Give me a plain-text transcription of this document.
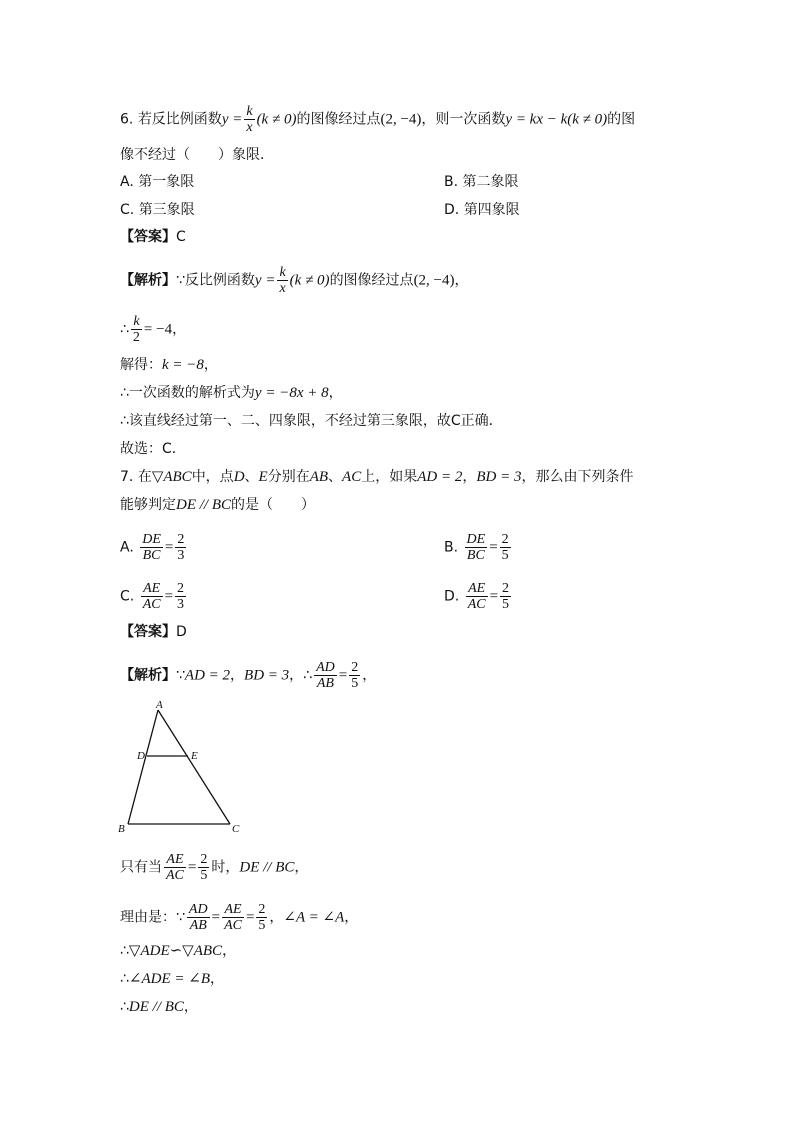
6. 若反比例函数$y = \frac{k}{x} (k \ne 0)$的图像经过点(2, −4)，则一次函数y = kx − k(k ≠ 0)的图
像不经过（　　）象限．
A. 第一象限	B. 第二象限
C. 第三象限	D. 第四象限
【答案】C
【解析】∵反比例函数$y = \frac{k}{x} (k \ne 0)$的图像经过点(2, −4)，
∴ $\frac{k}{2} = -4$，
解得：k = −8，
∴一次函数的解析式为y = −8x + 8，
∴该直线经过第一、二、四象限，不经过第三象限，故C正确．
故选：C．
7. 在▽ABC中，点D、E分别在AB、AC上，如果AD = 2，BD = 3，那么由下列条件
能够判定DE // BC的是（　　）
A. $\frac{DE}{BC} = \frac{2}{3}$	B. $\frac{DE}{BC} = \frac{2}{5}$
C. $\frac{AE}{AC} = \frac{2}{3}$	D. $\frac{AE}{AC} = \frac{2}{5}$
【答案】D
【解析】∵AD = 2，BD = 3，∴ $\frac{AD}{AB} = \frac{2}{5}$ ，
A
D	E
B	C
只有当 $\frac{AE}{AC} = \frac{2}{5}$ 时，DE // BC，
理由是：∵ $\frac{AD}{AB} = \frac{AE}{AC} = \frac{2}{5}$ ，∠A = ∠A，
∴▽ADE∽▽ABC，
∴∠ADE = ∠B，
∴DE // BC，
